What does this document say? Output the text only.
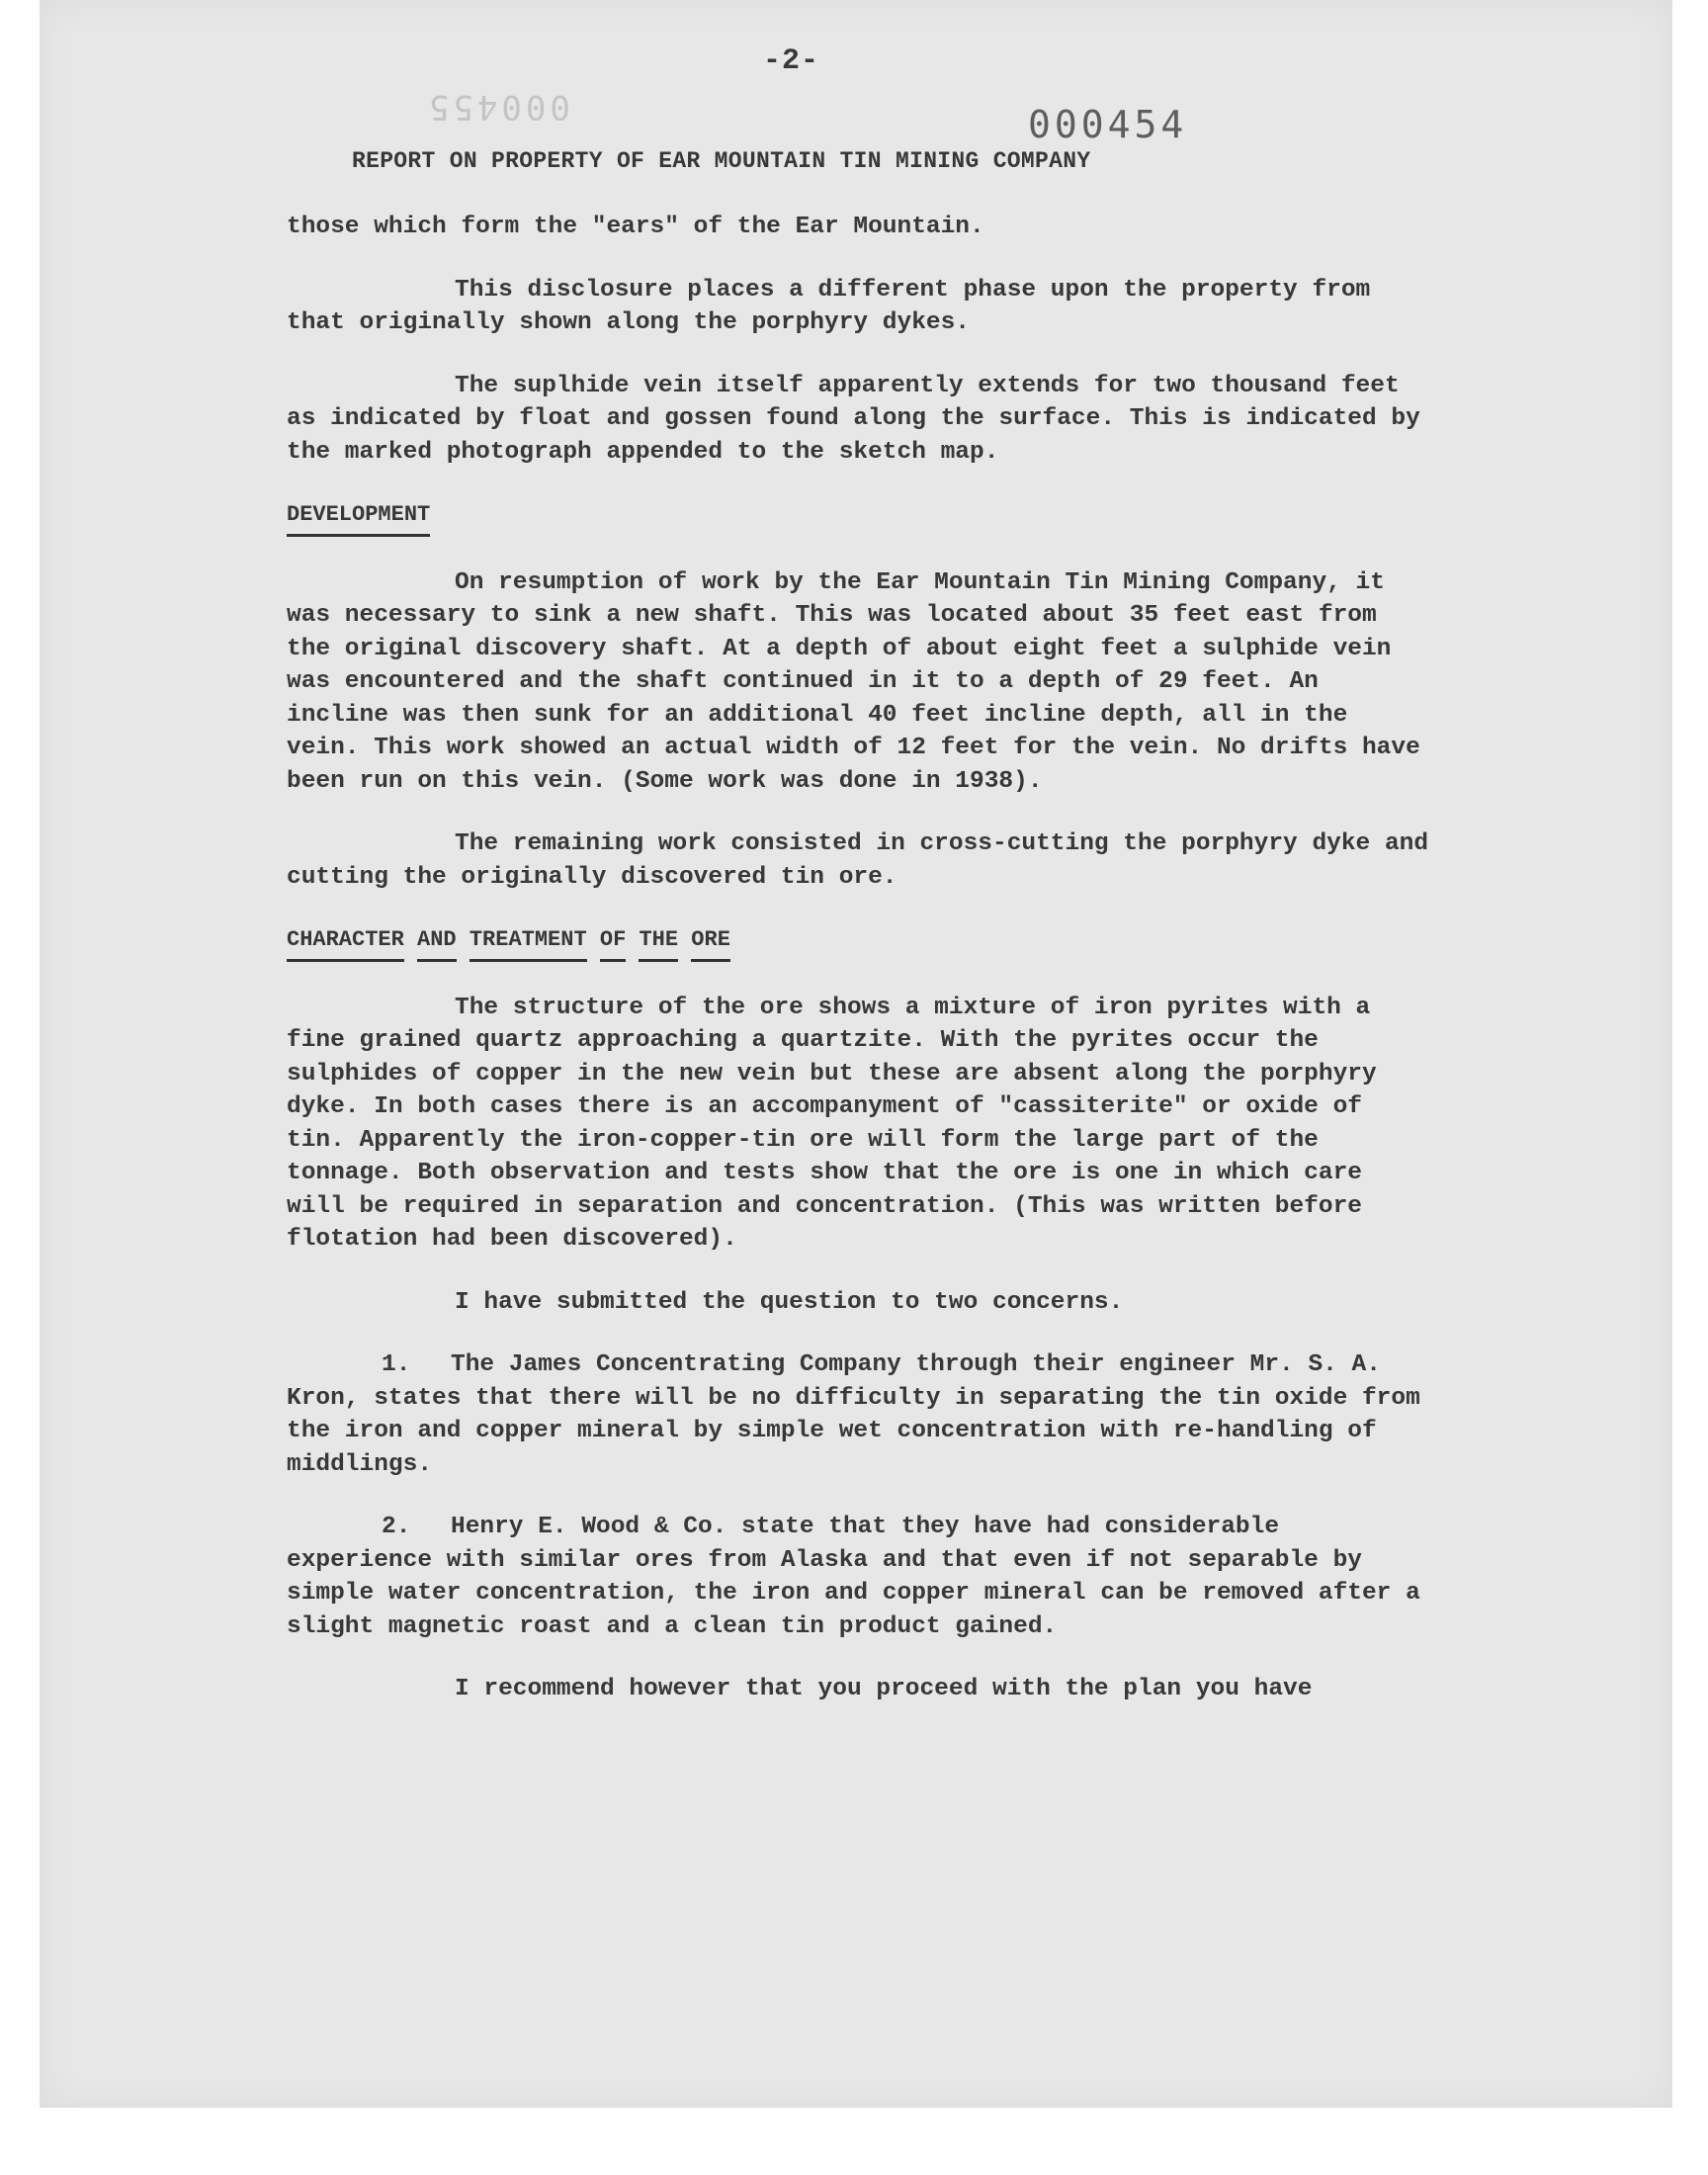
-2-
000455	000454
REPORT ON PROPERTY OF EAR MOUNTAIN TIN MINING COMPANY

those which form the "ears" of the Ear Mountain.

This disclosure places a different phase upon the property from that originally shown along the porphyry dykes.

The suplhide vein itself apparently extends for two thousand feet as indicated by float and gossen found along the surface. This is indicated by the marked photograph appended to the sketch map.

DEVELOPMENT

On resumption of work by the Ear Mountain Tin Mining Company, it was necessary to sink a new shaft. This was located about 35 feet east from the original discovery shaft. At a depth of about eight feet a sulphide vein was encountered and the shaft continued in it to a depth of 29 feet. An incline was then sunk for an additional 40 feet incline depth, all in the vein. This work showed an actual width of 12 feet for the vein. No drifts have been run on this vein. (Some work was done in 1938).

The remaining work consisted in cross-cutting the porphyry dyke and cutting the originally discovered tin ore.

CHARACTER AND TREATMENT OF THE ORE

The structure of the ore shows a mixture of iron pyrites with a fine grained quartz approaching a quartzite. With the pyrites occur the sulphides of copper in the new vein but these are absent along the porphyry dyke. In both cases there is an accompanyment of "cassiterite" or oxide of tin. Apparently the iron-copper-tin ore will form the large part of the tonnage. Both observation and tests show that the ore is one in which care will be required in separation and concentration. (This was written before flotation had been discovered).

I have submitted the question to two concerns.

1. The James Concentrating Company through their engineer Mr. S. A. Kron, states that there will be no difficulty in separating the tin oxide from the iron and copper mineral by simple wet concentration with re-handling of middlings.

2. Henry E. Wood & Co. state that they have had considerable experience with similar ores from Alaska and that even if not separable by simple water concentration, the iron and copper mineral can be removed after a slight magnetic roast and a clean tin product gained.

I recommend however that you proceed with the plan you have
